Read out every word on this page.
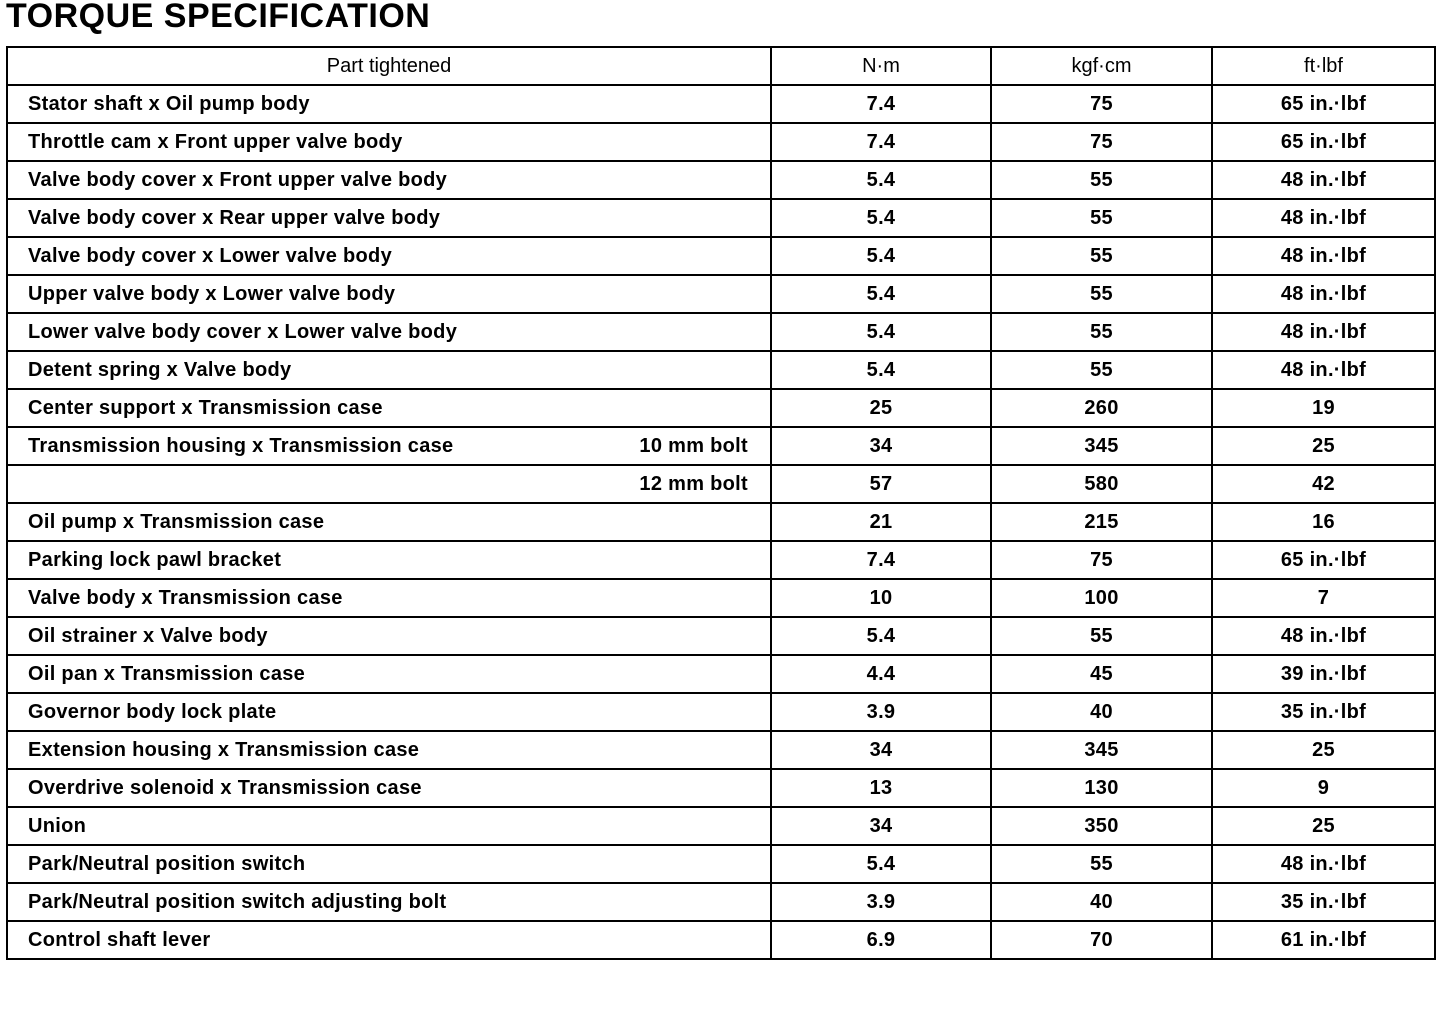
TORQUE SPECIFICATION
Part tightened	N·m	kgf·cm	ft·lbf

Stator shaft x Oil pump body	7.4	75	65 in.·lbf

Throttle cam x Front upper valve body	7.4	75	65 in.·lbf

Valve body cover x Front upper valve body	5.4	55	48 in.·lbf

Valve body cover x Rear upper valve body	5.4	55	48 in.·lbf

Valve body cover x Lower valve body	5.4	55	48 in.·lbf

Upper valve body x Lower valve body	5.4	55	48 in.·lbf

Lower valve body cover x Lower valve body	5.4	55	48 in.·lbf

Detent spring x Valve body	5.4	55	48 in.·lbf

Center support x Transmission case	25	260	19

Transmission housing x Transmission case 10 mm bolt	34	345	25

12 mm bolt	57	580	42

Oil pump x Transmission case	21	215	16

Parking lock pawl bracket	7.4	75	65 in.·lbf

Valve body x Transmission case	10	100	7

Oil strainer x Valve body	5.4	55	48 in.·lbf

Oil pan x Transmission case	4.4	45	39 in.·lbf

Governor body lock plate	3.9	40	35 in.·lbf

Extension housing x Transmission case	34	345	25

Overdrive solenoid x Transmission case	13	130	9

Union	34	350	25

Park/Neutral position switch	5.4	55	48 in.·lbf

Park/Neutral position switch adjusting bolt	3.9	40	35 in.·lbf

Control shaft lever	6.9	70	61 in.·lbf
